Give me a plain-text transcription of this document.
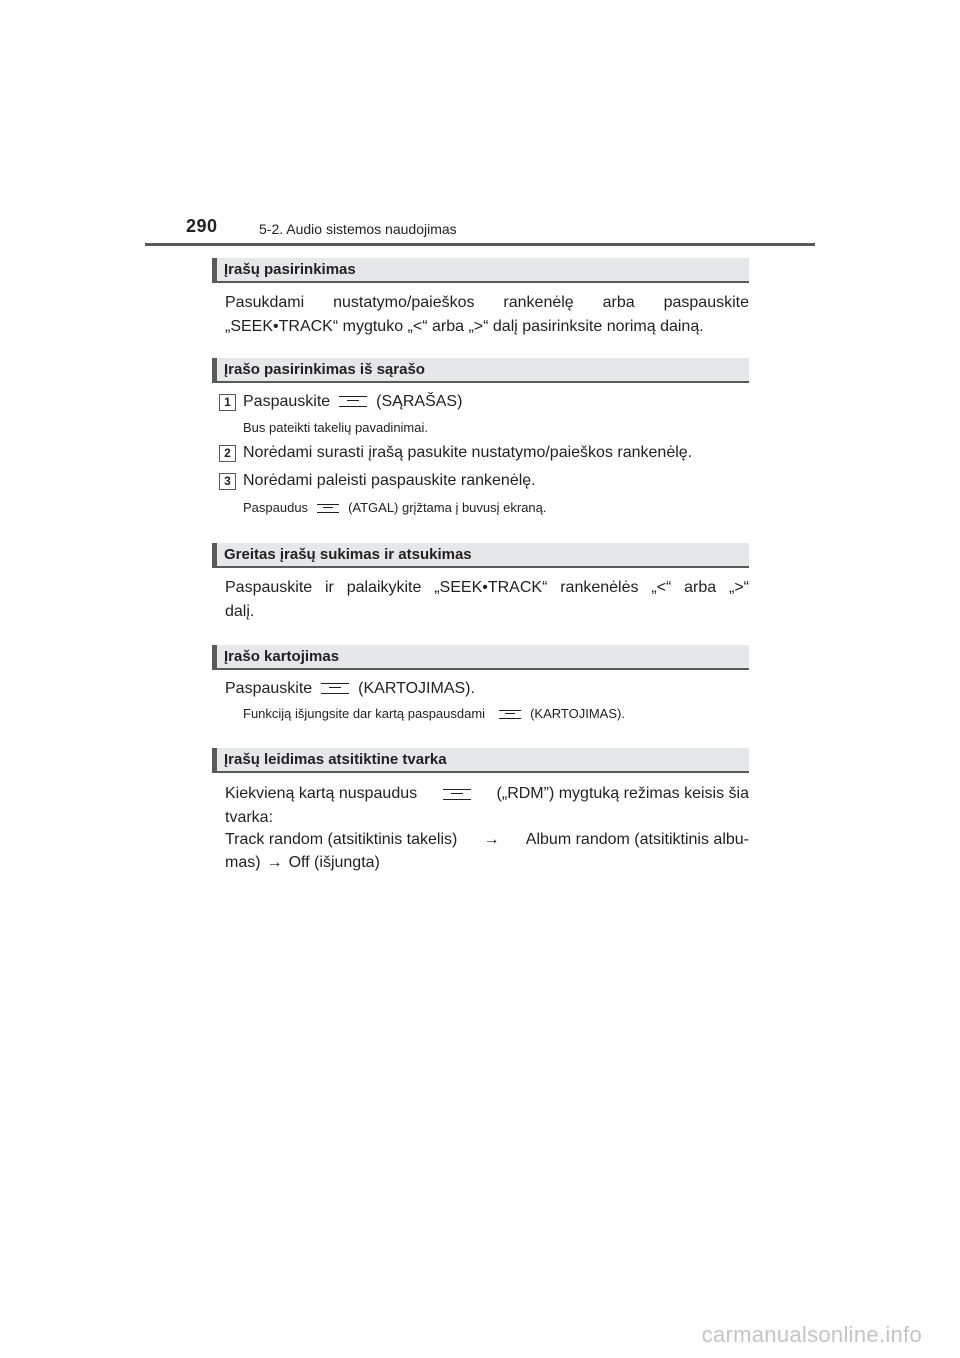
290	5-2. Audio sistemos naudojimas
Įrašų pasirinkimas
Pasukdami nustatymo/paieškos rankenėlę arba paspauskite
„SEEK•TRACK“ mygtuko „<“ arba „>“ dalį pasirinksite norimą dainą.
Įrašo pasirinkimas iš sąrašo
1 Paspauskite	(SĄRAŠAS)
Bus pateikti takelių pavadinimai.
2 Norėdami surasti įrašą pasukite nustatymo/paieškos rankenėlę.
3 Norėdami paleisti paspauskite rankenėlę.
Paspaudus	(ATGAL) grįžtama į buvusį ekraną.
Greitas įrašų sukimas ir atsukimas
Paspauskite ir palaikykite „SEEK•TRACK“ rankenėlės „<“ arba „>“
dalį.
Įrašo kartojimas
Paspauskite	(KARTOJIMAS).
Funkciją išjungsite dar kartą paspausdami	(KARTOJIMAS).
Įrašų leidimas atsitiktine tvarka
Kiekvieną kartą nuspaudus	(„RDM”) mygtuką režimas keisis šia
tvarka:
Track random (atsitiktinis takelis) → Album random (atsitiktinis albu-
mas) → Off (išjungta)
carmanualsonline.info
